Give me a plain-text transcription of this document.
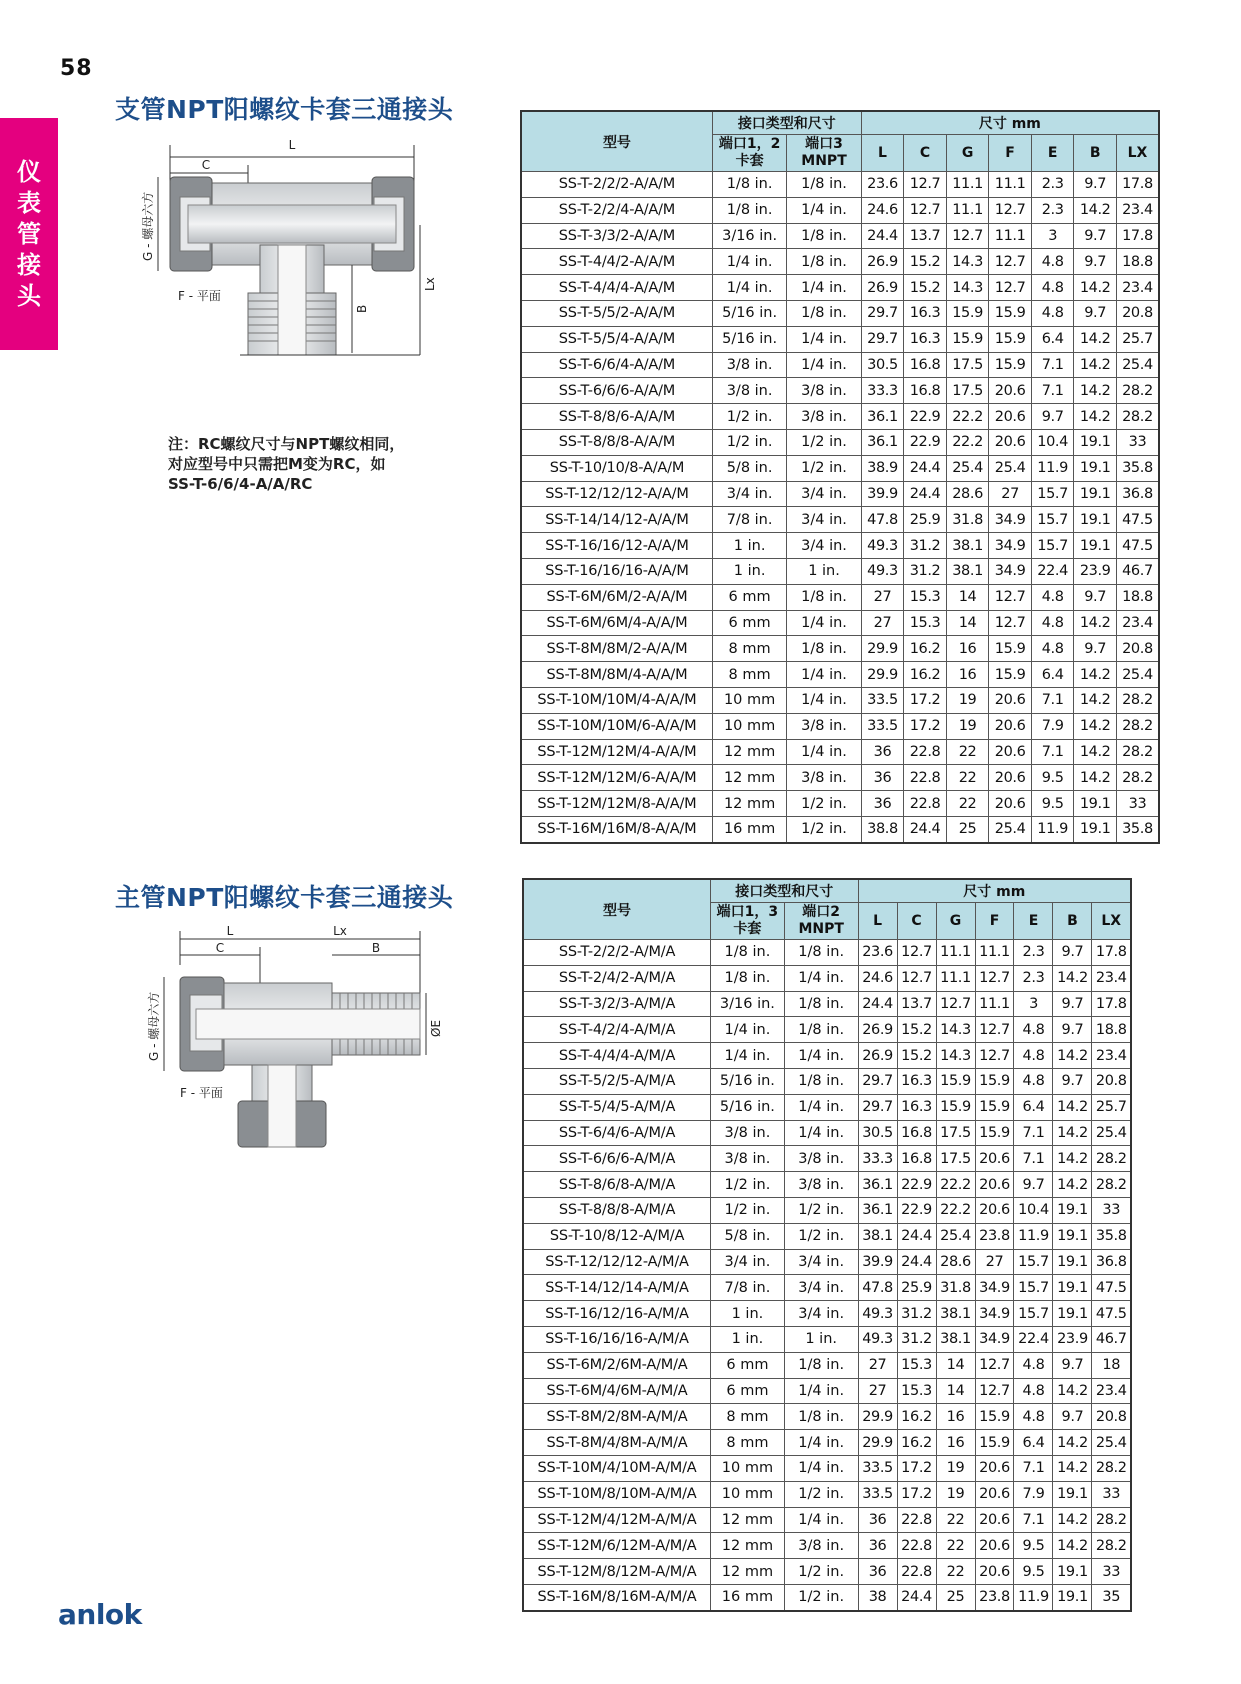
58
仪
表
管
接
头
支管NPT阳螺纹卡套三通接头
主管NPT阳螺纹卡套三通接头
L
C
G - 螺母六方
F - 平面
B
Lx
注：RC螺纹尺寸与NPT螺纹相同，对应型号中只需把M变为RC，如SS-T-6/6/4-A/A/RC
L	Lx
C	B
G - 螺母六方
F - 平面
ØE
型号	接口类型和尺寸		尺寸 mm						
	端口1，2
卡套	端口3
MNPT	L	C	G	F	E	B	LX
SS-T-2/2/2-A/A/M	1/8 in.	1/8 in.	23.6	12.7	11.1	11.1	2.3	9.7	17.8
SS-T-2/2/4-A/A/M	1/8 in.	1/4 in.	24.6	12.7	11.1	12.7	2.3	14.2	23.4
SS-T-3/3/2-A/A/M	3/16 in.	1/8 in.	24.4	13.7	12.7	11.1	3	9.7	17.8
SS-T-4/4/2-A/A/M	1/4 in.	1/8 in.	26.9	15.2	14.3	12.7	4.8	9.7	18.8
SS-T-4/4/4-A/A/M	1/4 in.	1/4 in.	26.9	15.2	14.3	12.7	4.8	14.2	23.4
SS-T-5/5/2-A/A/M	5/16 in.	1/8 in.	29.7	16.3	15.9	15.9	4.8	9.7	20.8
SS-T-5/5/4-A/A/M	5/16 in.	1/4 in.	29.7	16.3	15.9	15.9	6.4	14.2	25.7
SS-T-6/6/4-A/A/M	3/8 in.	1/4 in.	30.5	16.8	17.5	15.9	7.1	14.2	25.4
SS-T-6/6/6-A/A/M	3/8 in.	3/8 in.	33.3	16.8	17.5	20.6	7.1	14.2	28.2
SS-T-8/8/6-A/A/M	1/2 in.	3/8 in.	36.1	22.9	22.2	20.6	9.7	14.2	28.2
SS-T-8/8/8-A/A/M	1/2 in.	1/2 in.	36.1	22.9	22.2	20.6	10.4	19.1	33
SS-T-10/10/8-A/A/M	5/8 in.	1/2 in.	38.9	24.4	25.4	25.4	11.9	19.1	35.8
SS-T-12/12/12-A/A/M	3/4 in.	3/4 in.	39.9	24.4	28.6	27	15.7	19.1	36.8
SS-T-14/14/12-A/A/M	7/8 in.	3/4 in.	47.8	25.9	31.8	34.9	15.7	19.1	47.5
SS-T-16/16/12-A/A/M	1 in.	3/4 in.	49.3	31.2	38.1	34.9	15.7	19.1	47.5
SS-T-16/16/16-A/A/M	1 in.	1 in.	49.3	31.2	38.1	34.9	22.4	23.9	46.7
SS-T-6M/6M/2-A/A/M	6 mm	1/8 in.	27	15.3	14	12.7	4.8	9.7	18.8
SS-T-6M/6M/4-A/A/M	6 mm	1/4 in.	27	15.3	14	12.7	4.8	14.2	23.4
SS-T-8M/8M/2-A/A/M	8 mm	1/8 in.	29.9	16.2	16	15.9	4.8	9.7	20.8
SS-T-8M/8M/4-A/A/M	8 mm	1/4 in.	29.9	16.2	16	15.9	6.4	14.2	25.4
SS-T-10M/10M/4-A/A/M	10 mm	1/4 in.	33.5	17.2	19	20.6	7.1	14.2	28.2
SS-T-10M/10M/6-A/A/M	10 mm	3/8 in.	33.5	17.2	19	20.6	7.9	14.2	28.2
SS-T-12M/12M/4-A/A/M	12 mm	1/4 in.	36	22.8	22	20.6	7.1	14.2	28.2
SS-T-12M/12M/6-A/A/M	12 mm	3/8 in.	36	22.8	22	20.6	9.5	14.2	28.2
SS-T-12M/12M/8-A/A/M	12 mm	1/2 in.	36	22.8	22	20.6	9.5	19.1	33
SS-T-16M/16M/8-A/A/M	16 mm	1/2 in.	38.8	24.4	25	25.4	11.9	19.1	35.8
型号	接口类型和尺寸		尺寸 mm						
	端口1，3
卡套	端口2
MNPT	L	C	G	F	E	B	LX
SS-T-2/2/2-A/M/A	1/8 in.	1/8 in.	23.6	12.7	11.1	11.1	2.3	9.7	17.8
SS-T-2/4/2-A/M/A	1/8 in.	1/4 in.	24.6	12.7	11.1	12.7	2.3	14.2	23.4
SS-T-3/2/3-A/M/A	3/16 in.	1/8 in.	24.4	13.7	12.7	11.1	3	9.7	17.8
SS-T-4/2/4-A/M/A	1/4 in.	1/8 in.	26.9	15.2	14.3	12.7	4.8	9.7	18.8
SS-T-4/4/4-A/M/A	1/4 in.	1/4 in.	26.9	15.2	14.3	12.7	4.8	14.2	23.4
SS-T-5/2/5-A/M/A	5/16 in.	1/8 in.	29.7	16.3	15.9	15.9	4.8	9.7	20.8
SS-T-5/4/5-A/M/A	5/16 in.	1/4 in.	29.7	16.3	15.9	15.9	6.4	14.2	25.7
SS-T-6/4/6-A/M/A	3/8 in.	1/4 in.	30.5	16.8	17.5	15.9	7.1	14.2	25.4
SS-T-6/6/6-A/M/A	3/8 in.	3/8 in.	33.3	16.8	17.5	20.6	7.1	14.2	28.2
SS-T-8/6/8-A/M/A	1/2 in.	3/8 in.	36.1	22.9	22.2	20.6	9.7	14.2	28.2
SS-T-8/8/8-A/M/A	1/2 in.	1/2 in.	36.1	22.9	22.2	20.6	10.4	19.1	33
SS-T-10/8/12-A/M/A	5/8 in.	1/2 in.	38.1	24.4	25.4	23.8	11.9	19.1	35.8
SS-T-12/12/12-A/M/A	3/4 in.	3/4 in.	39.9	24.4	28.6	27	15.7	19.1	36.8
SS-T-14/12/14-A/M/A	7/8 in.	3/4 in.	47.8	25.9	31.8	34.9	15.7	19.1	47.5
SS-T-16/12/16-A/M/A	1 in.	3/4 in.	49.3	31.2	38.1	34.9	15.7	19.1	47.5
SS-T-16/16/16-A/M/A	1 in.	1 in.	49.3	31.2	38.1	34.9	22.4	23.9	46.7
SS-T-6M/2/6M-A/M/A	6 mm	1/8 in.	27	15.3	14	12.7	4.8	9.7	18
SS-T-6M/4/6M-A/M/A	6 mm	1/4 in.	27	15.3	14	12.7	4.8	14.2	23.4
SS-T-8M/2/8M-A/M/A	8 mm	1/8 in.	29.9	16.2	16	15.9	4.8	9.7	20.8
SS-T-8M/4/8M-A/M/A	8 mm	1/4 in.	29.9	16.2	16	15.9	6.4	14.2	25.4
SS-T-10M/4/10M-A/M/A	10 mm	1/4 in.	33.5	17.2	19	20.6	7.1	14.2	28.2
SS-T-10M/8/10M-A/M/A	10 mm	1/2 in.	33.5	17.2	19	20.6	7.9	19.1	33
SS-T-12M/4/12M-A/M/A	12 mm	1/4 in.	36	22.8	22	20.6	7.1	14.2	28.2
SS-T-12M/6/12M-A/M/A	12 mm	3/8 in.	36	22.8	22	20.6	9.5	14.2	28.2
SS-T-12M/8/12M-A/M/A	12 mm	1/2 in.	36	22.8	22	20.6	9.5	19.1	33
SS-T-16M/8/16M-A/M/A	16 mm	1/2 in.	38	24.4	25	23.8	11.9	19.1	35
anlok
